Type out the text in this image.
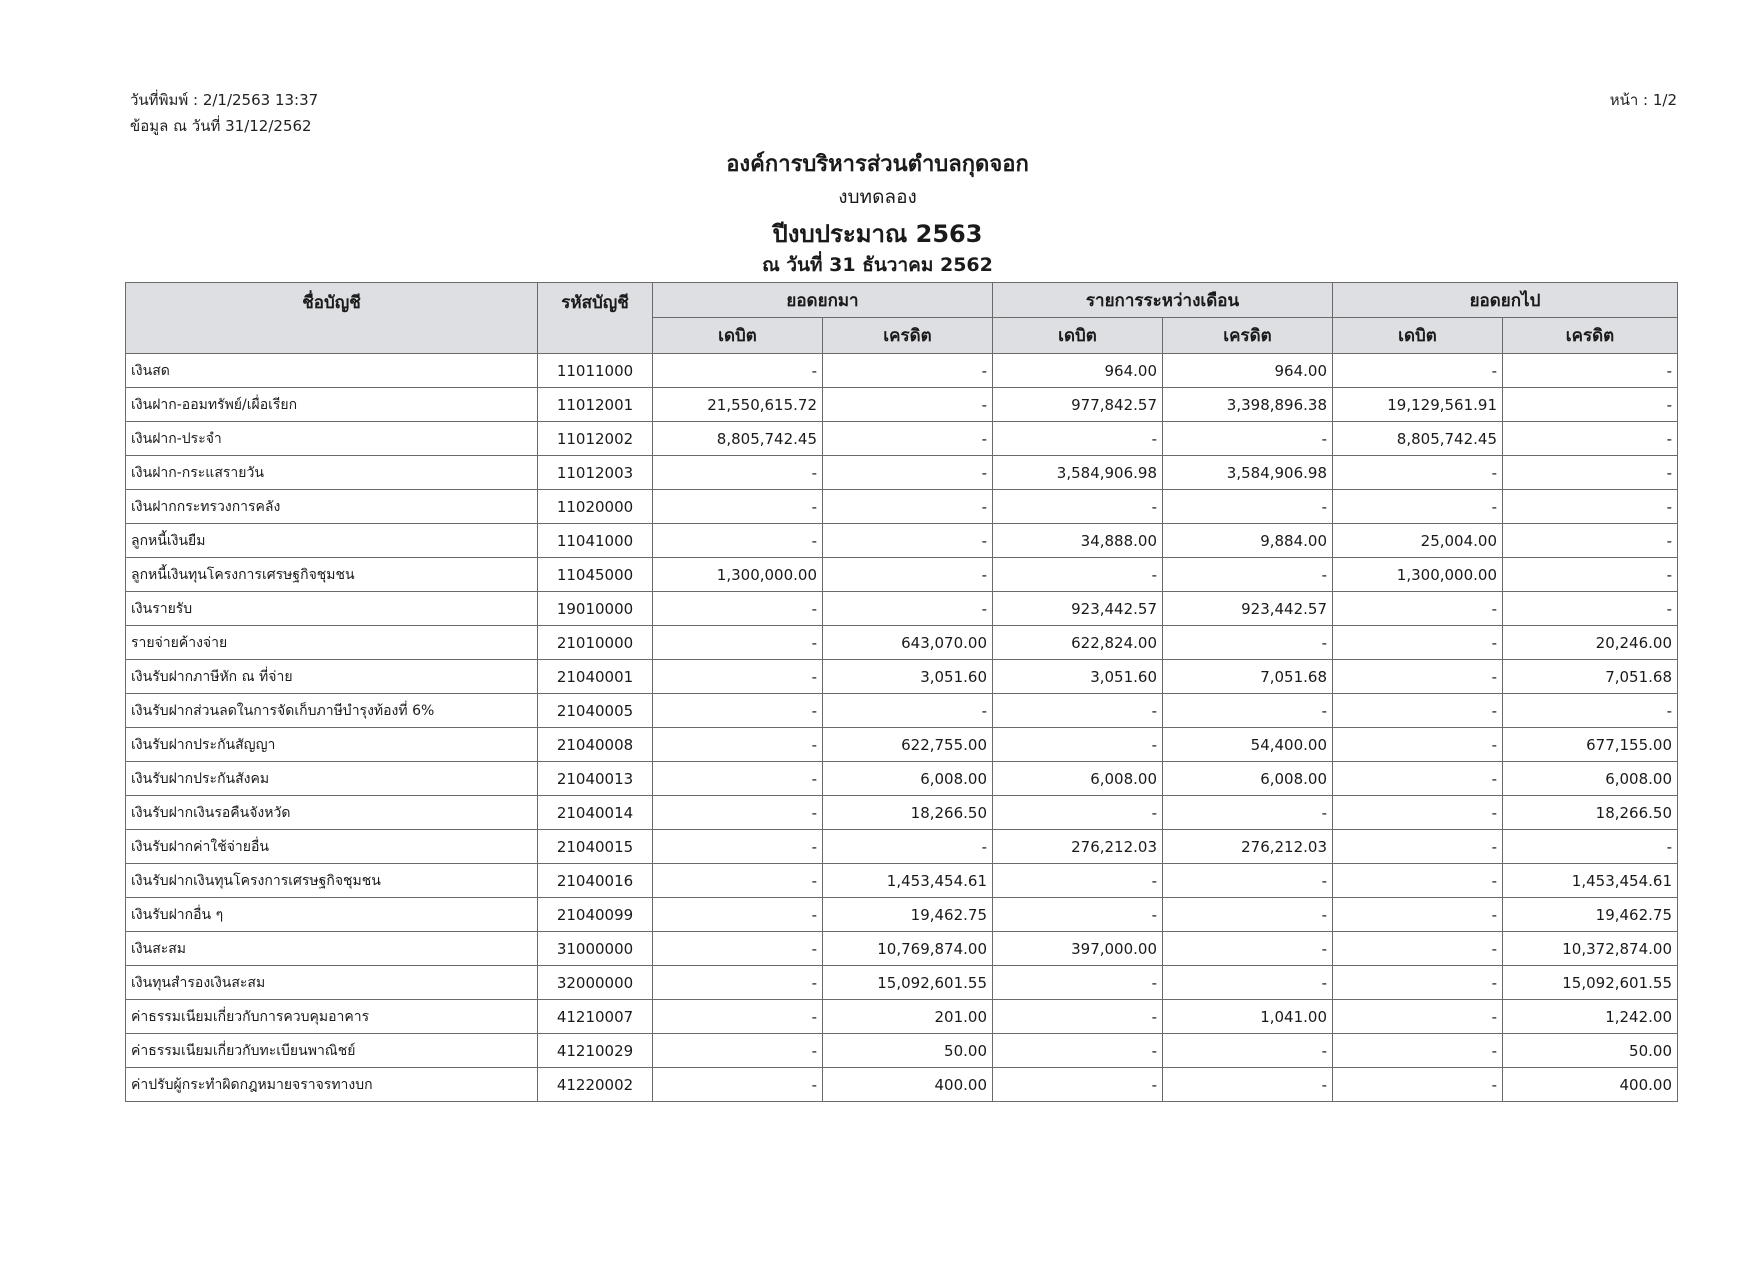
วันที่พิมพ์ : 2/1/2563 13:37
ข้อมูล ณ วันที่ 31/12/2562
หน้า : 1/2
องค์การบริหารส่วนตำบลกุดจอก
งบทดลอง
ปีงบประมาณ 2563
ณ วันที่ 31 ธันวาคม 2562
ชื่อบัญชี	รหัสบัญชี	ยอดยกมา		รายการระหว่างเดือน		ยอดยกไป	
		เดบิต	เครดิต	เดบิต	เครดิต	เดบิต	เครดิต
เงินสด	11011000	-	-	964.00	964.00	-	-
เงินฝาก-ออมทรัพย์/เผื่อเรียก	11012001	21,550,615.72	-	977,842.57	3,398,896.38	19,129,561.91	-
เงินฝาก-ประจำ	11012002	8,805,742.45	-	-	-	8,805,742.45	-
เงินฝาก-กระแสรายวัน	11012003	-	-	3,584,906.98	3,584,906.98	-	-
เงินฝากกระทรวงการคลัง	11020000	-	-	-	-	-	-
ลูกหนี้เงินยืม	11041000	-	-	34,888.00	9,884.00	25,004.00	-
ลูกหนี้เงินทุนโครงการเศรษฐกิจชุมชน	11045000	1,300,000.00	-	-	-	1,300,000.00	-
เงินรายรับ	19010000	-	-	923,442.57	923,442.57	-	-
รายจ่ายค้างจ่าย	21010000	-	643,070.00	622,824.00	-	-	20,246.00
เงินรับฝากภาษีหัก ณ ที่จ่าย	21040001	-	3,051.60	3,051.60	7,051.68	-	7,051.68
เงินรับฝากส่วนลดในการจัดเก็บภาษีบำรุงท้องที่ 6%	21040005	-	-	-	-	-	-
เงินรับฝากประกันสัญญา	21040008	-	622,755.00	-	54,400.00	-	677,155.00
เงินรับฝากประกันสังคม	21040013	-	6,008.00	6,008.00	6,008.00	-	6,008.00
เงินรับฝากเงินรอคืนจังหวัด	21040014	-	18,266.50	-	-	-	18,266.50
เงินรับฝากค่าใช้จ่ายอื่น	21040015	-	-	276,212.03	276,212.03	-	-
เงินรับฝากเงินทุนโครงการเศรษฐกิจชุมชน	21040016	-	1,453,454.61	-	-	-	1,453,454.61
เงินรับฝากอื่น ๆ	21040099	-	19,462.75	-	-	-	19,462.75
เงินสะสม	31000000	-	10,769,874.00	397,000.00	-	-	10,372,874.00
เงินทุนสำรองเงินสะสม	32000000	-	15,092,601.55	-	-	-	15,092,601.55
ค่าธรรมเนียมเกี่ยวกับการควบคุมอาคาร	41210007	-	201.00	-	1,041.00	-	1,242.00
ค่าธรรมเนียมเกี่ยวกับทะเบียนพาณิชย์	41210029	-	50.00	-	-	-	50.00
ค่าปรับผู้กระทำผิดกฎหมายจราจรทางบก	41220002	-	400.00	-	-	-	400.00
